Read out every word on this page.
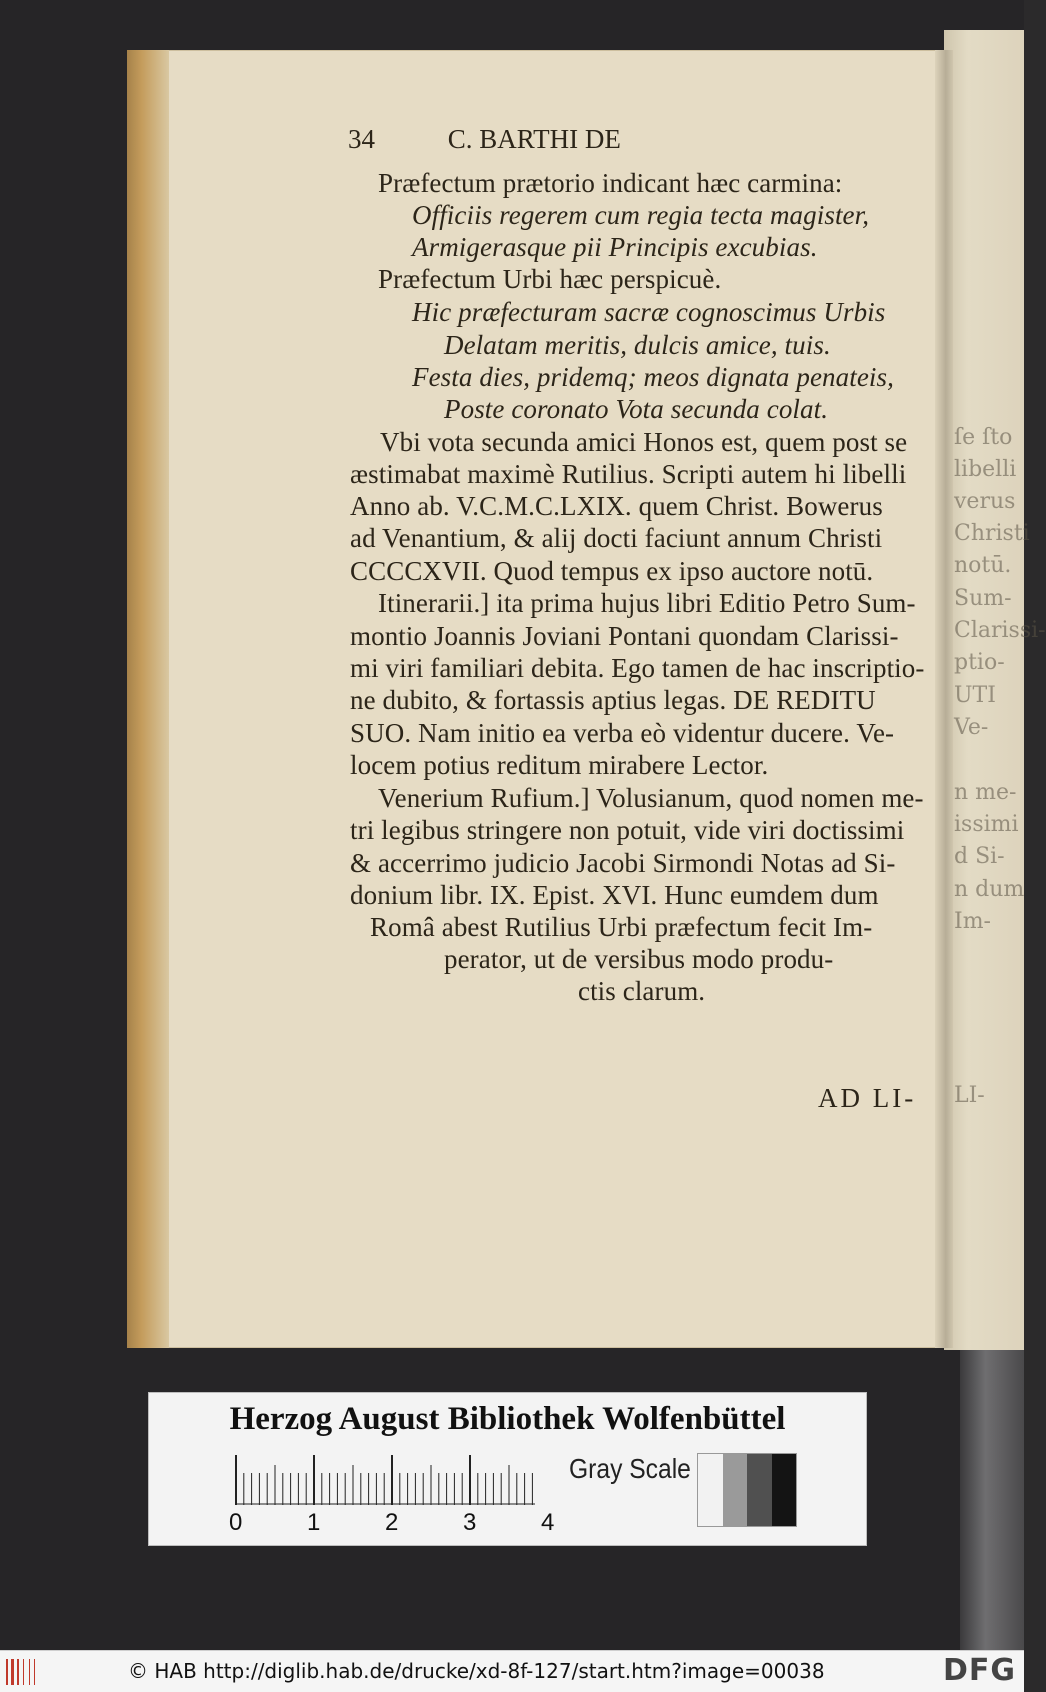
ſe ſto
libelli
verus
Christi
notū.
Sum-
Clarissi-
ptio-
UTI
Ve-
n me-
issimi
d Si-
n dum
Im-
LI-
34	C. BARTHI DE
Præfectum prætorio indicant hæc carmina:
Officiis regerem cum regia tecta magister,
Armigerasque pii Principis excubias.
Præfectum Urbi hæc perspicuè.
Hic præfecturam sacræ cognoscimus Urbis
Delatam meritis, dulcis amice, tuis.
Festa dies, pridemq; meos dignata penateis,
Poste coronato Vota secunda colat.
Vbi vota secunda amici Honos est, quem post se
æstimabat maximè Rutilius. Scripti autem hi libelli
Anno ab. V.C.M.C.LXIX. quem Christ. Bowerus
ad Venantium, & alij docti faciunt annum Christi
CCCCXVII. Quod tempus ex ipso auctore notū.
Itinerarii.] ita prima hujus libri Editio Petro Sum-
montio Joannis Joviani Pontani quondam Clarissi-
mi viri familiari debita. Ego tamen de hac inscriptio-
ne dubito, & fortassis aptius legas. DE REDITU
SUO. Nam initio ea verba eò videntur ducere. Ve-
locem potius reditum mirabere Lector.
Venerium Rufium.] Volusianum, quod nomen me-
tri legibus stringere non potuit, vide viri doctissimi
& accerrimo judicio Jacobi Sirmondi Notas ad Si-
donium libr. IX. Epist. XVI. Hunc eumdem dum
Româ abest Rutilius Urbi præfectum fecit Im-
perator, ut de versibus modo produ-
ctis clarum.
AD LI-
Herzog August Bibliothek Wolfenbüttel
0	1	2	3	4
Gray Scale
© HAB http://diglib.hab.de/drucke/xd-8f-127/start.htm?image=00038	DFG
